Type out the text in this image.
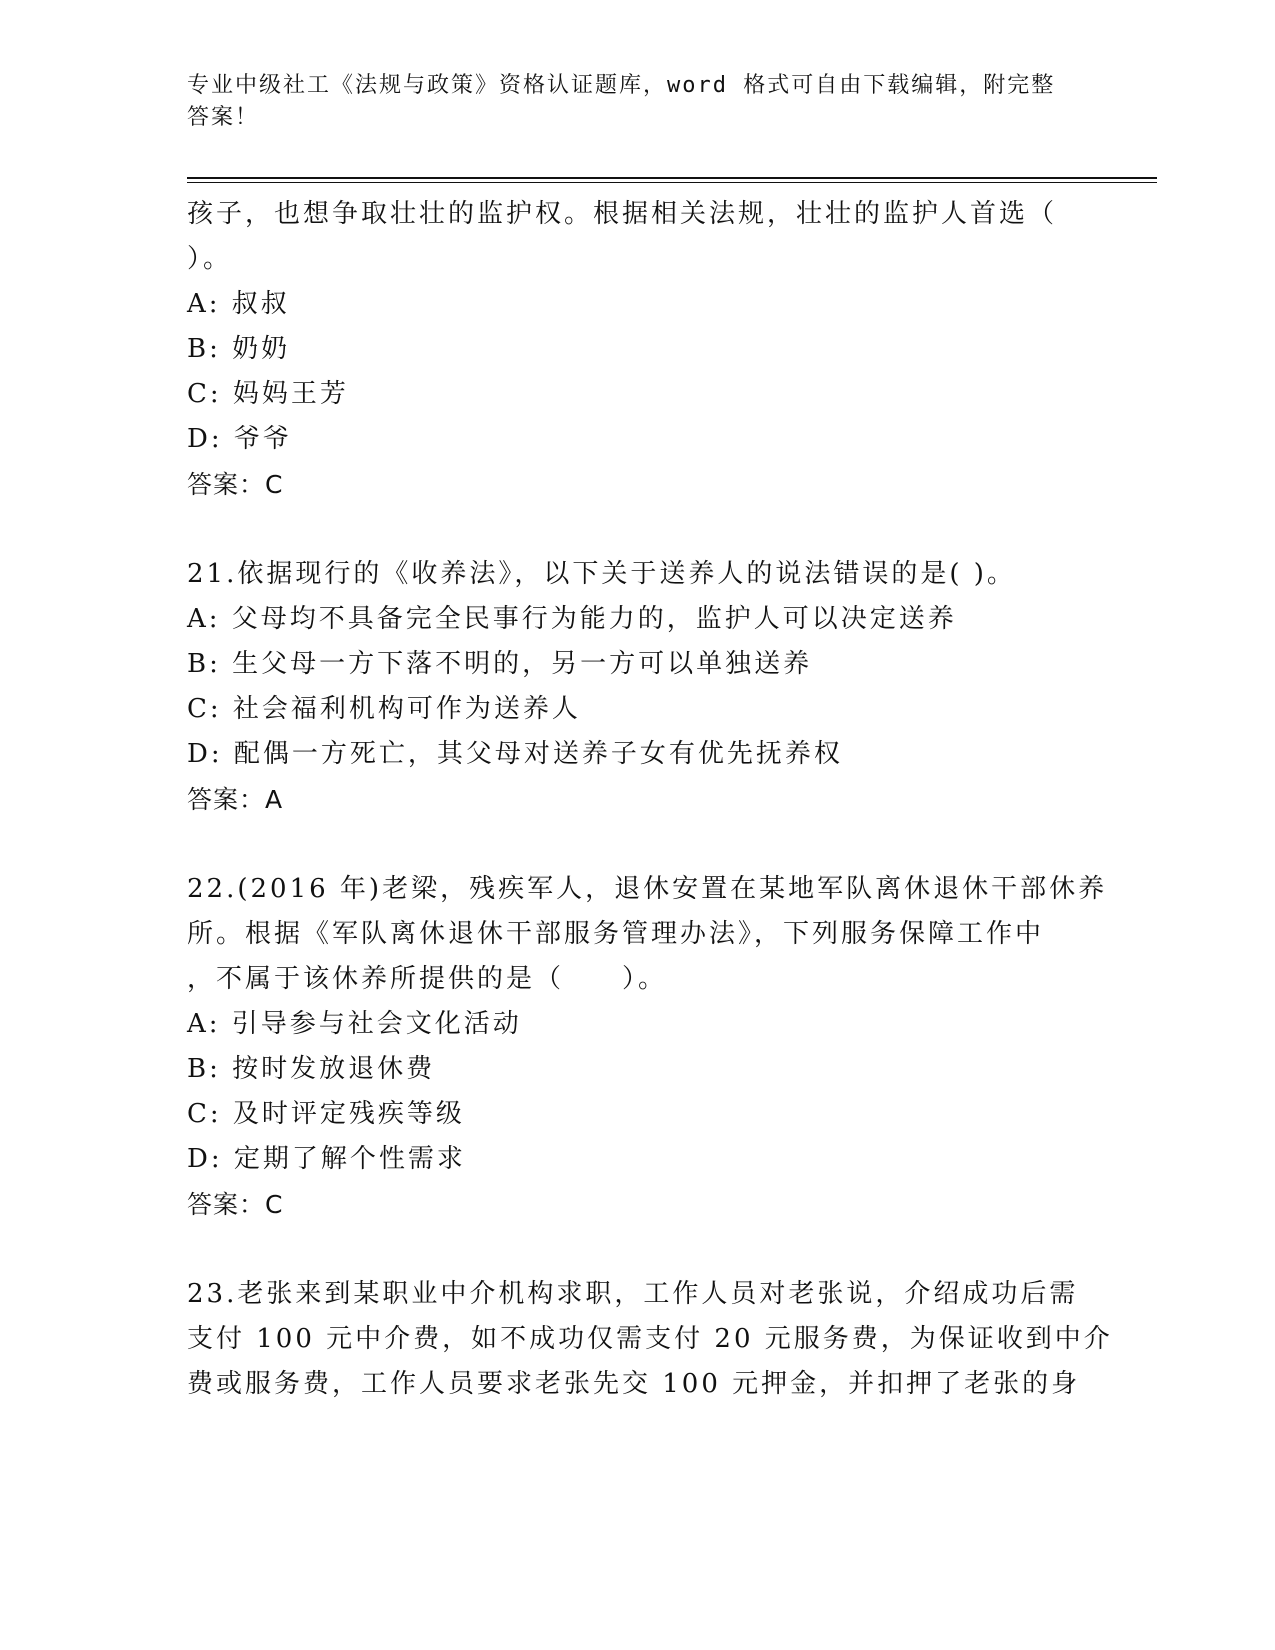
专业中级社工《法规与政策》资格认证题库，word 格式可自由下载编辑，附完整
答案！
孩子，也想争取壮壮的监护权。根据相关法规，壮壮的监护人首选（
）。
A: 叔叔
B: 奶奶
C: 妈妈王芳
D: 爷爷
答案：C
21.依据现行的《收养法》，以下关于送养人的说法错误的是( )。
A: 父母均不具备完全民事行为能力的，监护人可以决定送养
B: 生父母一方下落不明的，另一方可以单独送养
C: 社会福利机构可作为送养人
D: 配偶一方死亡，其父母对送养子女有优先抚养权
答案：A
22.(2016 年)老梁，残疾军人，退休安置在某地军队离休退休干部休养
所。根据《军队离休退休干部服务管理办法》，下列服务保障工作中
，不属于该休养所提供的是（　　）。
A: 引导参与社会文化活动
B: 按时发放退休费
C: 及时评定残疾等级
D: 定期了解个性需求
答案：C
23.老张来到某职业中介机构求职，工作人员对老张说，介绍成功后需
支付 100 元中介费，如不成功仅需支付 20 元服务费，为保证收到中介
费或服务费，工作人员要求老张先交 100 元押金，并扣押了老张的身
